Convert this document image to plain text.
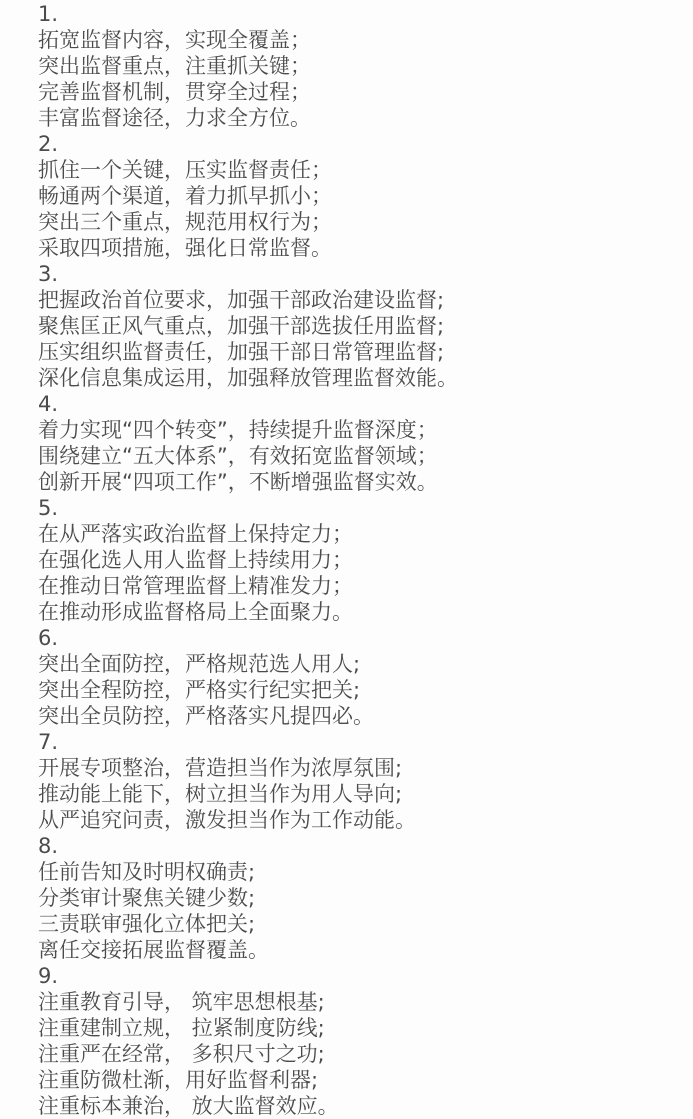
1.
拓宽监督内容，实现全覆盖；
突出监督重点，注重抓关键；
完善监督机制，贯穿全过程；
丰富监督途径，力求全方位。
2.
抓住一个关键，压实监督责任；
畅通两个渠道，着力抓早抓小；
突出三个重点，规范用权行为；
采取四项措施，强化日常监督。
3.
把握政治首位要求，加强干部政治建设监督;
聚焦匡正风气重点，加强干部选拔任用监督;
压实组织监督责任，加强干部日常管理监督;
深化信息集成运用，加强释放管理监督效能。
4.
着力实现“四个转变”，持续提升监督深度；
围绕建立“五大体系”，有效拓宽监督领域；
创新开展“四项工作”，不断增强监督实效。
5.
在从严落实政治监督上保持定力；
在强化选人用人监督上持续用力；
在推动日常管理监督上精准发力；
在推动形成监督格局上全面聚力。
6.
突出全面防控，严格规范选人用人;
突出全程防控，严格实行纪实把关;
突出全员防控，严格落实凡提四必。
7.
开展专项整治，营造担当作为浓厚氛围;
推动能上能下，树立担当作为用人导向;
从严追究问责，激发担当作为工作动能。
8.
任前告知及时明权确责;
分类审计聚焦关键少数;
三责联审强化立体把关;
离任交接拓展监督覆盖。
9.
注重教育引导， 筑牢思想根基;
注重建制立规， 拉紧制度防线;
注重严在经常， 多积尺寸之功;
注重防微杜渐，用好监督利器;
注重标本兼治， 放大监督效应。
